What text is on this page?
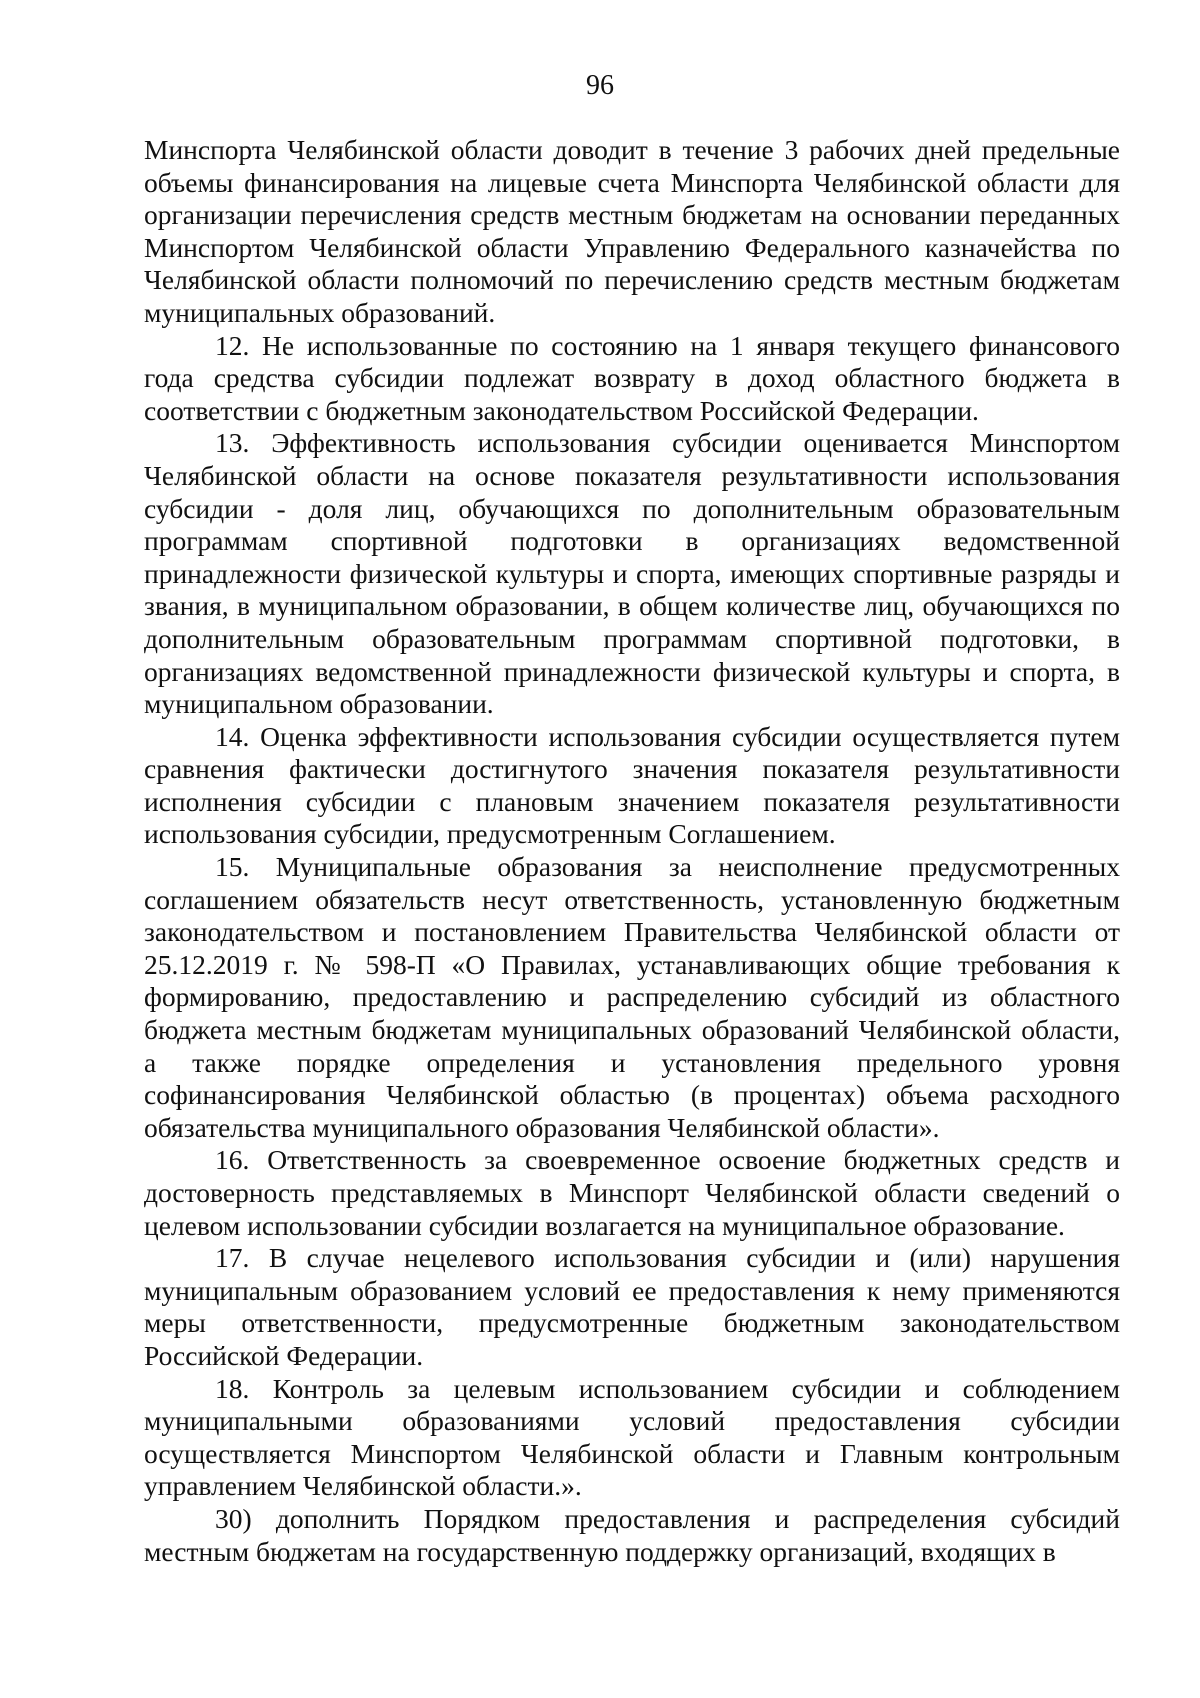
96

Минспорта Челябинской области доводит в течение 3 рабочих дней предельные объемы финансирования на лицевые счета Минспорта Челябинской области для организации перечисления средств местным бюджетам на основании переданных Минспортом Челябинской области Управлению Федерального казначейства по Челябинской области полномочий по перечислению средств местным бюджетам муниципальных образований.

12. Не использованные по состоянию на 1 января текущего финансового года средства субсидии подлежат возврату в доход областного бюджета в соответствии с бюджетным законодательством Российской Федерации.

13. Эффективность использования субсидии оценивается Минспортом Челябинской области на основе показателя результативности использования субсидии - доля лиц, обучающихся по дополнительным образовательным программам спортивной подготовки в организациях ведомственной принадлежности физической культуры и спорта, имеющих спортивные разряды и звания, в муниципальном образовании, в общем количестве лиц, обучающихся по дополнительным образовательным программам спортивной подготовки, в организациях ведомственной принадлежности физической культуры и спорта, в муниципальном образовании.

14. Оценка эффективности использования субсидии осуществляется путем сравнения фактически достигнутого значения показателя результативности исполнения субсидии с плановым значением показателя результативности использования субсидии, предусмотренным Соглашением.

15. Муниципальные образования за неисполнение предусмотренных соглашением обязательств несут ответственность, установленную бюджетным законодательством и постановлением Правительства Челябинской области от 25.12.2019 г. № 598-П «О Правилах, устанавливающих общие требования к формированию, предоставлению и распределению субсидий из областного бюджета местным бюджетам муниципальных образований Челябинской области, а также порядке определения и установления предельного уровня софинансирования Челябинской областью (в процентах) объема расходного обязательства муниципального образования Челябинской области».

16. Ответственность за своевременное освоение бюджетных средств и достоверность представляемых в Минспорт Челябинской области сведений о целевом использовании субсидии возлагается на муниципальное образование.

17. В случае нецелевого использования субсидии и (или) нарушения муниципальным образованием условий ее предоставления к нему применяются меры ответственности, предусмотренные бюджетным законодательством Российской Федерации.

18. Контроль за целевым использованием субсидии и соблюдением муниципальными образованиями условий предоставления субсидии осуществляется Минспортом Челябинской области и Главным контрольным управлением Челябинской области.».

30) дополнить Порядком предоставления и распределения субсидий местным бюджетам на государственную поддержку организаций, входящих в
